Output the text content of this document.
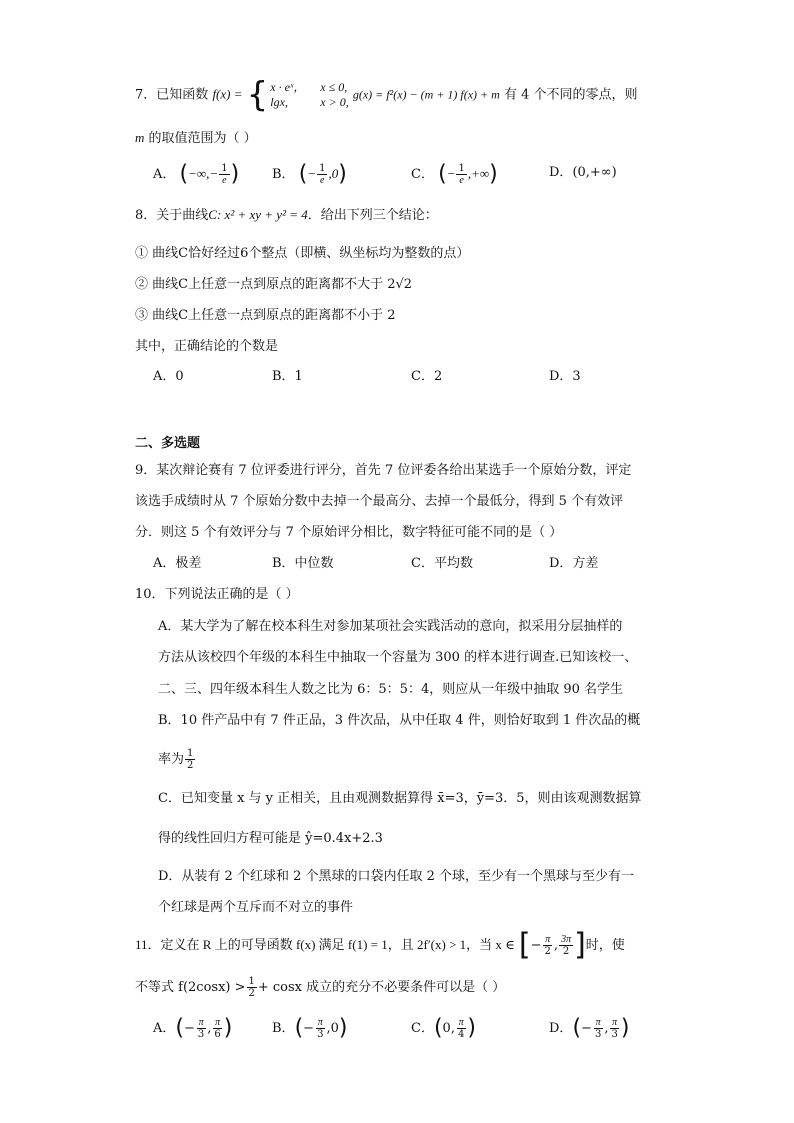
7．已知函数 f(x) = { x · eˣ， x ≤ 0,
lgx,	x > 0,
g(x) = f²(x) − (m + 1) f(x) + m 有 4 个不同的零点，则
m 的取值范围为（ ）
A． (−∞,− $\frac{1}{e}$ )	B． (− $\frac{1}{e} ,0$)	C． (− $\frac{1}{e}$ ,+∞)	D．(0,+∞)
8．关于曲线C: x² + xy + y² = 4．给出下列三个结论：
① 曲线C恰好经过6个整点（即横、纵坐标均为整数的点）
② 曲线C上任意一点到原点的距离都不大于 2√2
③ 曲线C上任意一点到原点的距离都不小于 2
其中，正确结论的个数是
A．0	B．1	C．2	D．3
二、多选题
9．某次辩论赛有 7 位评委进行评分，首先 7 位评委各给出某选手一个原始分数，评定
该选手成绩时从 7 个原始分数中去掉一个最高分、去掉一个最低分，得到 5 个有效评
分．则这 5 个有效评分与 7 个原始评分相比，数字特征可能不同的是（ ）
A．极差	B．中位数	C．平均数	D．方差
10．下列说法正确的是（ ）
A．某大学为了解在校本科生对参加某项社会实践活动的意向，拟采用分层抽样的
方法从该校四个年级的本科生中抽取一个容量为 300 的样本进行调查.已知该校一、
二、三、四年级本科生人数之比为 6：5：5：4，则应从一年级中抽取 90 名学生
B．10 件产品中有 7 件正品，3 件次品，从中任取 4 件，则恰好取到 1 件次品的概
率为 $\frac{1}{2}$
C．已知变量 x 与 y 正相关，且由观测数据算得 x̄=3，ȳ=3．5，则由该观测数据算
得的线性回归方程可能是 ŷ=0.4x+2.3
D．从装有 2 个红球和 2 个黑球的口袋内任取 2 个球，至少有一个黑球与至少有一
个红球是两个互斥而不对立的事件
11．定义在 R 上的可导函数 f(x) 满足 f(1) = 1，且 2f′(x) > 1，当 x ∈ [− $\frac{\pi}{2}$ , $\frac{3\pi}{2}$ ]时，使
不等式 $f(2\cos x) > \frac{1}{2} + \cos x$ 成立的充分不必要条件可以是（ ）
A．(− $\frac{\pi}{3}$ , $\frac{\pi}{6}$ )	B．(− $\frac{\pi}{3} ,0$)	C．(0, $\frac{\pi}{4}$ )	D．(− $\frac{\pi}{3}$ , $\frac{\pi}{3}$ )
